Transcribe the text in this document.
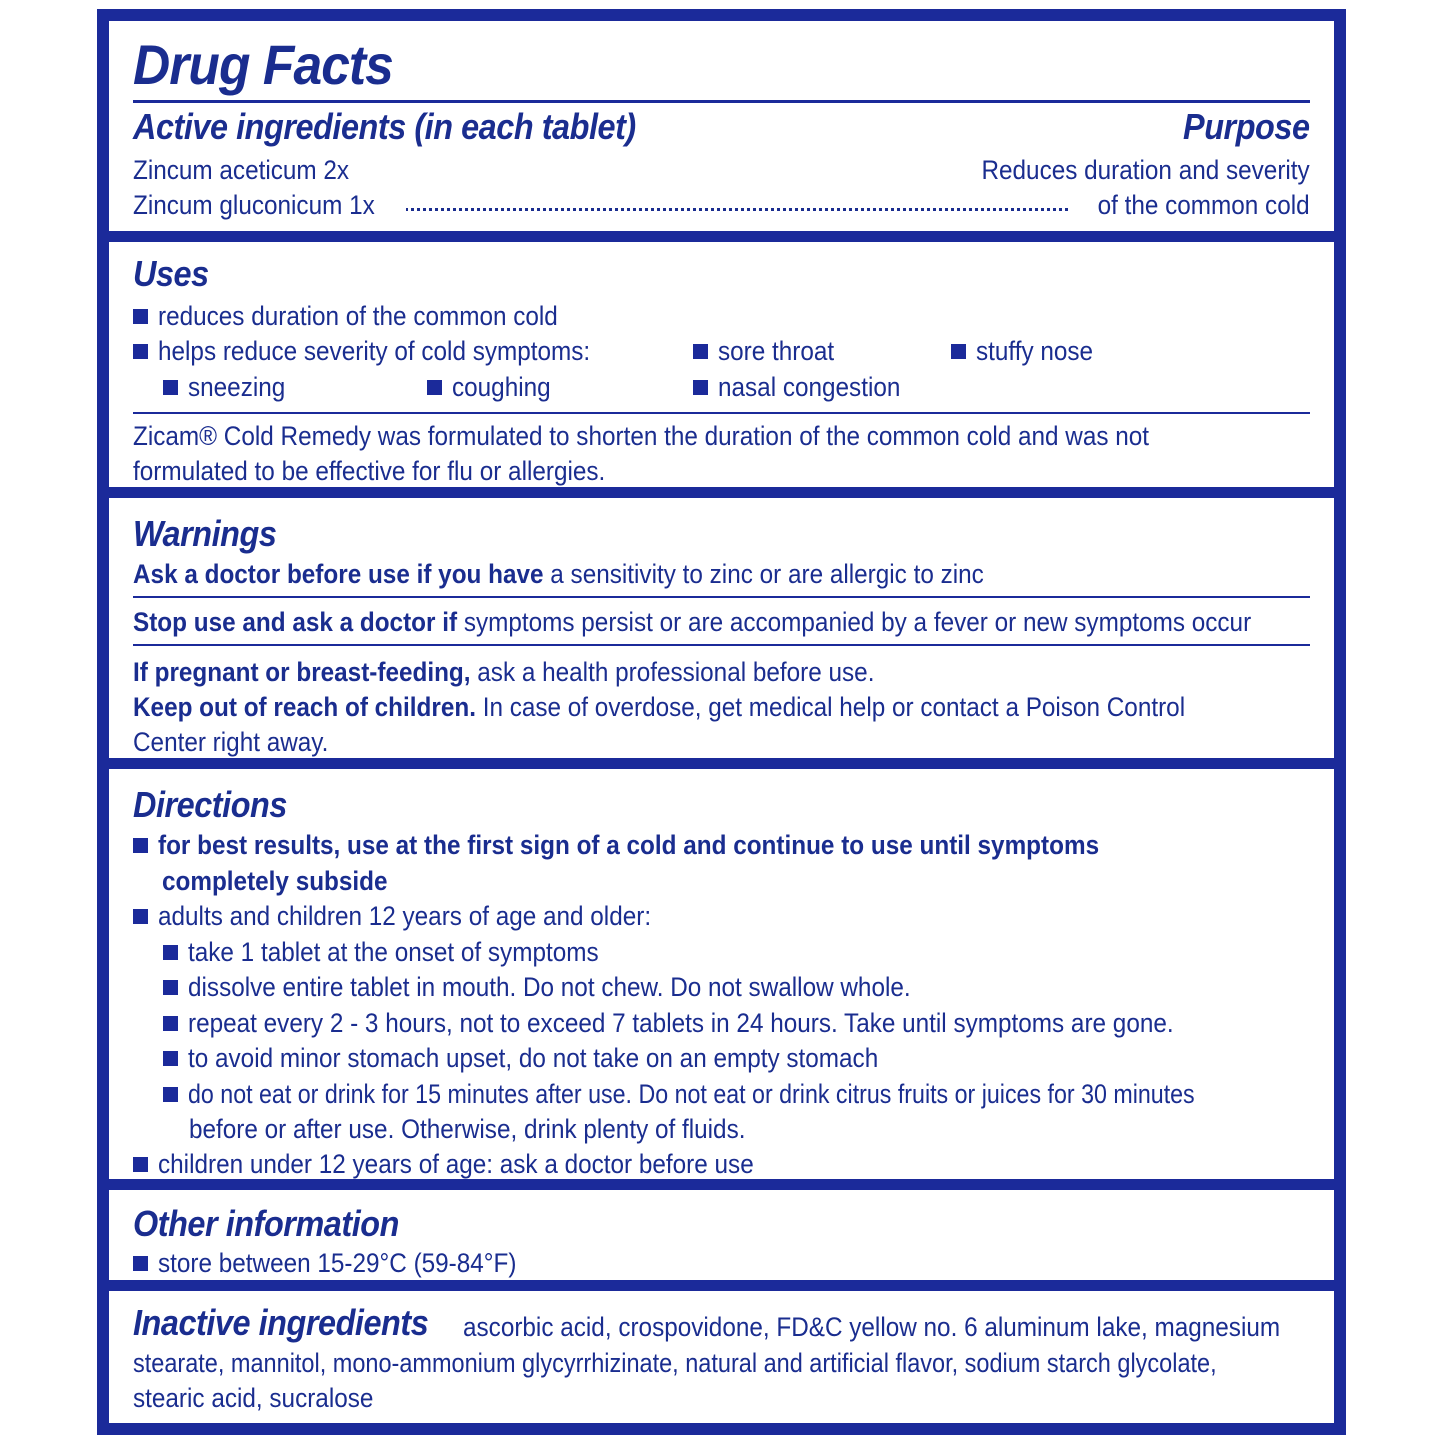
Drug Facts
Active ingredients (in each tablet)	Purpose
Zincum aceticum 2x
Zincum gluconicum 1x
Reduces duration and severity
of the common cold
Uses
reduces duration of the common cold
helps reduce severity of cold symptoms:	sore throat	stuffy nose
sneezing	coughing	nasal congestion
Zicam® Cold Remedy was formulated to shorten the duration of the common cold and was not
formulated to be effective for flu or allergies.
Warnings
Ask a doctor before use if you have a sensitivity to zinc or are allergic to zinc
Stop use and ask a doctor if symptoms persist or are accompanied by a fever or new symptoms occur
If pregnant or breast-feeding, ask a health professional before use.
Keep out of reach of children. In case of overdose, get medical help or contact a Poison Control
Center right away.
Directions
for best results, use at the first sign of a cold and continue to use until symptoms
completely subside
adults and children 12 years of age and older:
take 1 tablet at the onset of symptoms
dissolve entire tablet in mouth. Do not chew. Do not swallow whole.
repeat every 2 - 3 hours, not to exceed 7 tablets in 24 hours. Take until symptoms are gone.
to avoid minor stomach upset, do not take on an empty stomach
do not eat or drink for 15 minutes after use. Do not eat or drink citrus fruits or juices for 30 minutes
before or after use. Otherwise, drink plenty of fluids.
children under 12 years of age: ask a doctor before use
Other information
store between 15-29°C (59-84°F)
Inactive ingredients	ascorbic acid, crospovidone, FD&C yellow no. 6 aluminum lake, magnesium
stearate, mannitol, mono-ammonium glycyrrhizinate, natural and artificial flavor, sodium starch glycolate,
stearic acid, sucralose
